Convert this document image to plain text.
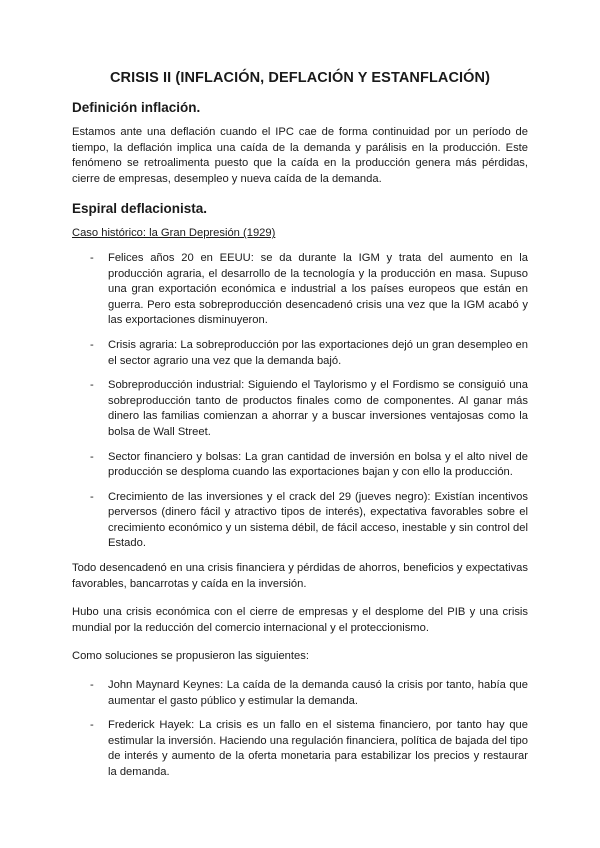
CRISIS II (INFLACIÓN, DEFLACIÓN Y ESTANFLACIÓN)
Definición inflación.

Estamos ante una deflación cuando el IPC cae de forma continuidad por un período de tiempo, la deflación implica una caída de la demanda y parálisis en la producción. Este fenómeno se retroalimenta puesto que la caída en la producción genera más pérdidas, cierre de empresas, desempleo y nueva caída de la demanda.

Espiral deflacionista.
Caso histórico: la Gran Depresión (1929)
- Felices años 20 en EEUU: se da durante la IGM y trata del aumento en la producción agraria, el desarrollo de la tecnología y la producción en masa. Supuso una gran exportación económica e industrial a los países europeos que están en guerra. Pero esta sobreproducción desencadenó crisis una vez que la IGM acabó y las exportaciones disminuyeron.
- Crisis agraria: La sobreproducción por las exportaciones dejó un gran desempleo en el sector agrario una vez que la demanda bajó.
- Sobreproducción industrial: Siguiendo el Taylorismo y el Fordismo se consiguió una sobreproducción tanto de productos finales como de componentes. Al ganar más dinero las familias comienzan a ahorrar y a buscar inversiones ventajosas como la bolsa de Wall Street.
- Sector financiero y bolsas: La gran cantidad de inversión en bolsa y el alto nivel de producción se desploma cuando las exportaciones bajan y con ello la producción.
- Crecimiento de las inversiones y el crack del 29 (jueves negro): Existían incentivos perversos (dinero fácil y atractivo tipos de interés), expectativa favorables sobre el crecimiento económico y un sistema débil, de fácil acceso, inestable y sin control del Estado.

Todo desencadenó en una crisis financiera y pérdidas de ahorros, beneficios y expectativas favorables, bancarrotas y caída en la inversión.

Hubo una crisis económica con el cierre de empresas y el desplome del PIB y una crisis mundial por la reducción del comercio internacional y el proteccionismo.

Como soluciones se propusieron las siguientes:

- John Maynard Keynes: La caída de la demanda causó la crisis por tanto, había que aumentar el gasto público y estimular la demanda.
- Frederick Hayek: La crisis es un fallo en el sistema financiero, por tanto hay que estimular la inversión. Haciendo una regulación financiera, política de bajada del tipo de interés y aumento de la oferta monetaria para estabilizar los precios y restaurar la demanda.
